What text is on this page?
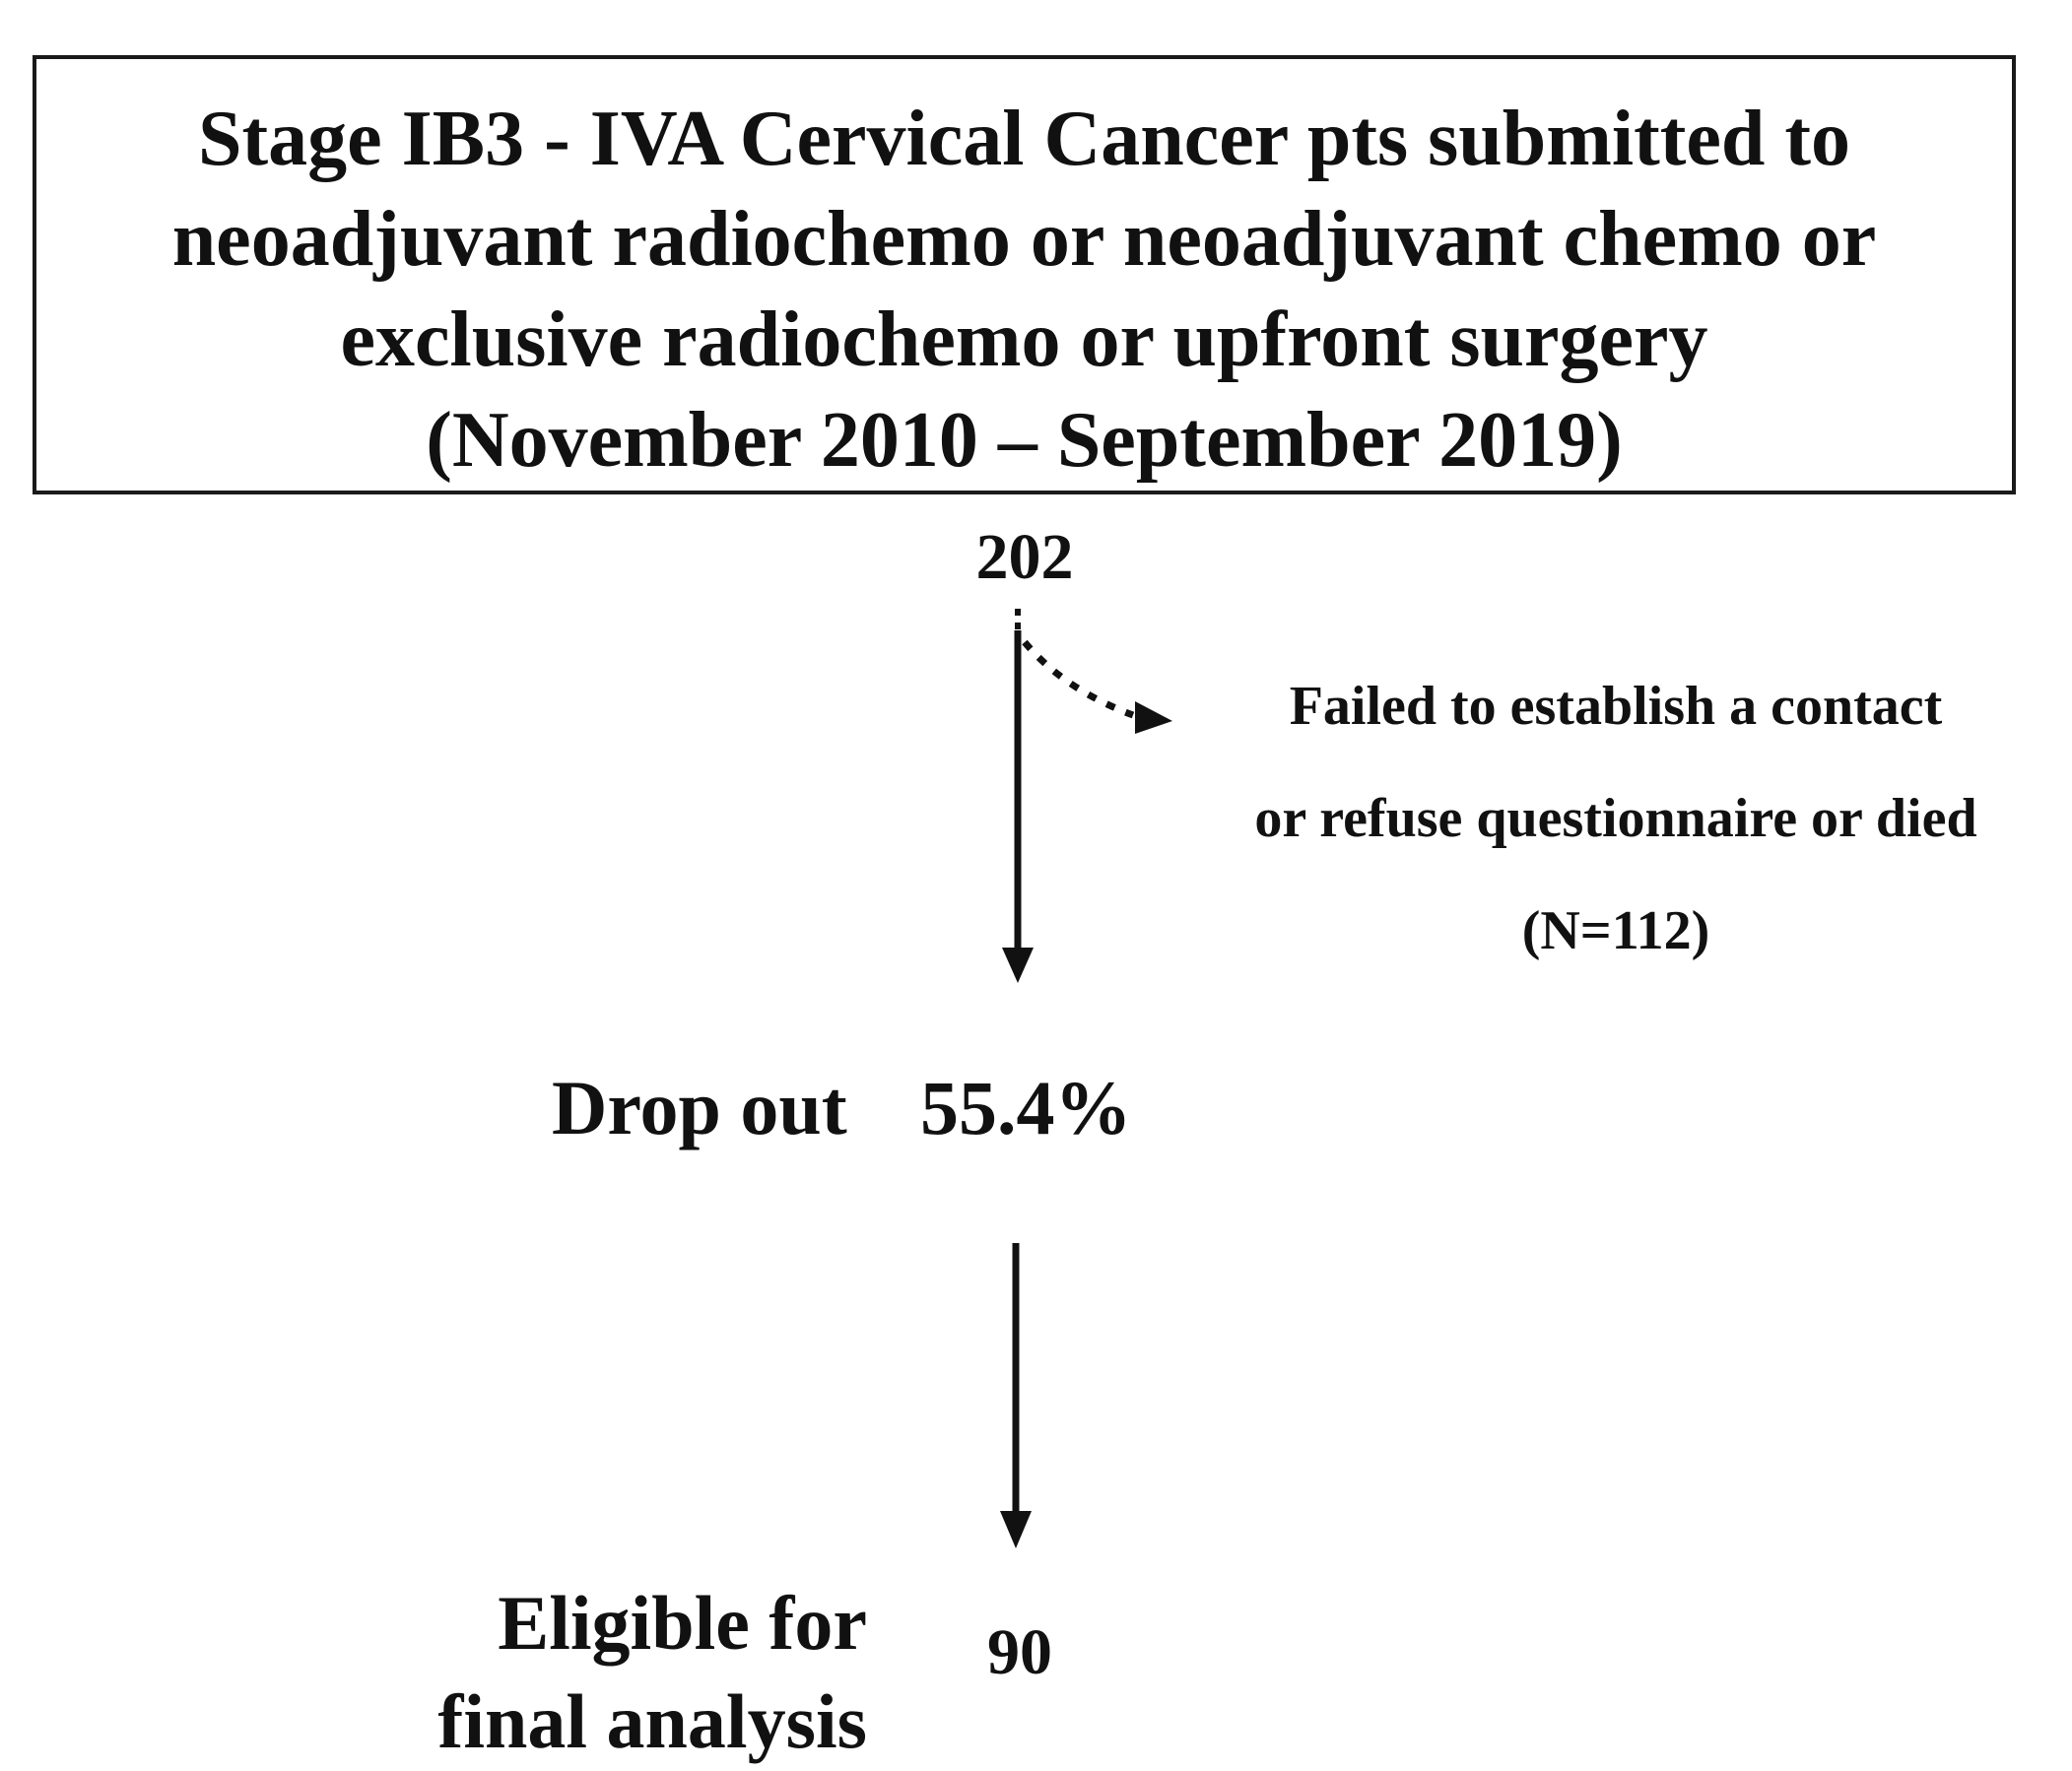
Stage IB3 - IVA Cervical Cancer pts submitted to
neoadjuvant radiochemo or neoadjuvant chemo or
exclusive radiochemo or upfront surgery
(November 2010 – September 2019)
202
Failed to establish a contact
or refuse questionnaire or died
(N=112)
Drop out 55.4%
Eligible for
final analysis
90
